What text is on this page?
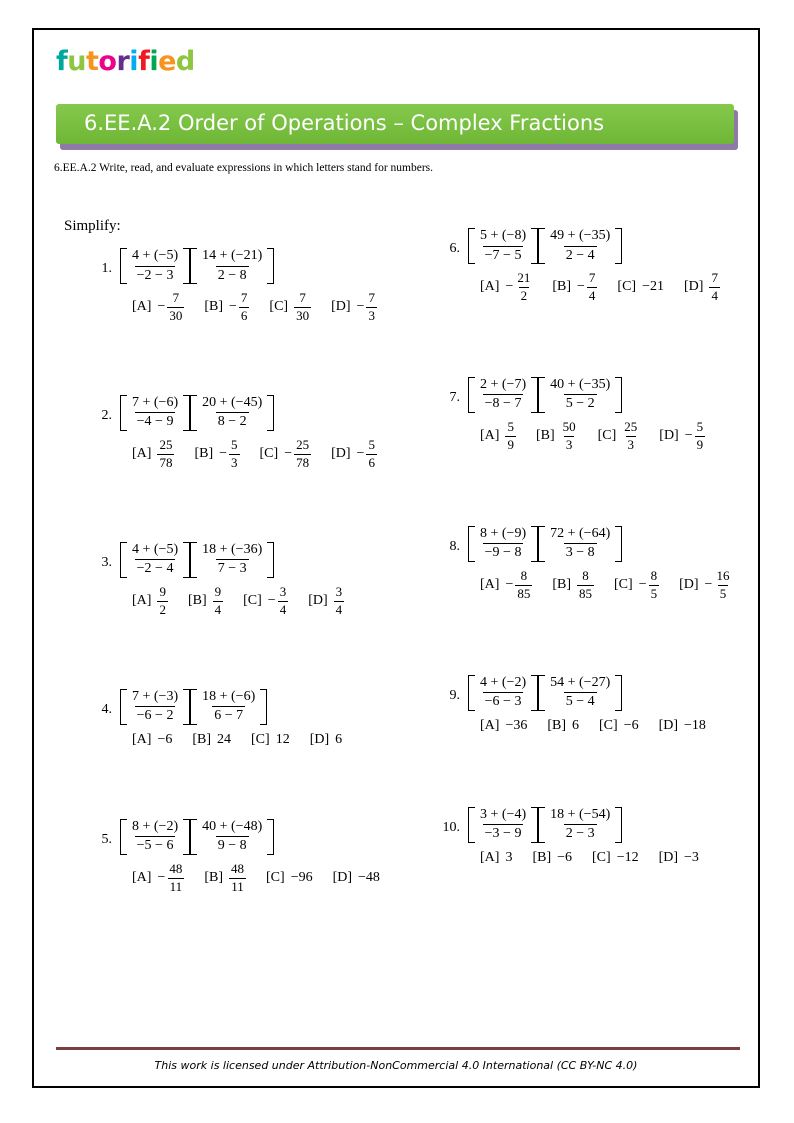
futorified
6.EE.A.2 Order of Operations – Complex Fractions
6.EE.A.2 Write, read, and evaluate expressions in which letters stand for numbers.
Simplify:
1. $\frac{4 + (-5)}{-2 - 3} \frac{14 + (-21)}{2 - 8}$
$[A] - \frac{7}{30} [B] - \frac{7}{6} [C] \frac{7}{30} [D] - \frac{7}{3}$
2. $\frac{7 + (-6)}{-4 - 9} \frac{20 + (-45)}{8 - 2}$
$[A] \frac{25}{78} [B] - \frac{5}{3} [C] - \frac{25}{78} [D] - \frac{5}{6}$
3. $\frac{4 + (-5)}{-2 - 4} \frac{18 + (-36)}{7 - 3}$
$[A] \frac{9}{2} [B] \frac{9}{4} [C] - \frac{3}{4} [D] \frac{3}{4}$
4. $\frac{7 + (-3)}{-6 - 2} \frac{18 + (-6)}{6 - 7}$
[A] −6 [B] 24 [C] 12 [D] 6
5. $\frac{8 + (-2)}{-5 - 6} \frac{40 + (-48)}{9 - 8}$
$[A] - \frac{48}{11} [B] \frac{48}{11} [C] -96$ [D] −48
6. $\frac{5 + (-8)}{-7 - 5} \frac{49 + (-35)}{2 - 4}$
$[A] - \frac{21}{2} [B] - \frac{7}{4} [C] -21$ $[D] \frac{7}{4}$
7. $\frac{2 + (-7)}{-8 - 7} \frac{40 + (-35)}{5 - 2}$
$[A] \frac{5}{9} [B] \frac{50}{3} [C] \frac{25}{3} [D] - \frac{5}{9}$
8. $\frac{8 + (-9)}{-9 - 8} \frac{72 + (-64)}{3 - 8}$
$[A] - \frac{8}{85} [B] \frac{8}{85} [C] - \frac{8}{5} [D] - \frac{16}{5}$
9. $\frac{4 + (-2)}{-6 - 3} \frac{54 + (-27)}{5 - 4}$
[A] −36 [B] 6 [C] −6 [D] −18
10. $\frac{3 + (-4)}{-3 - 9} \frac{18 + (-54)}{2 - 3}$
[A] 3 [B] −6 [C] −12 [D] −3
This work is licensed under Attribution-NonCommercial 4.0 International (CC BY-NC 4.0)
